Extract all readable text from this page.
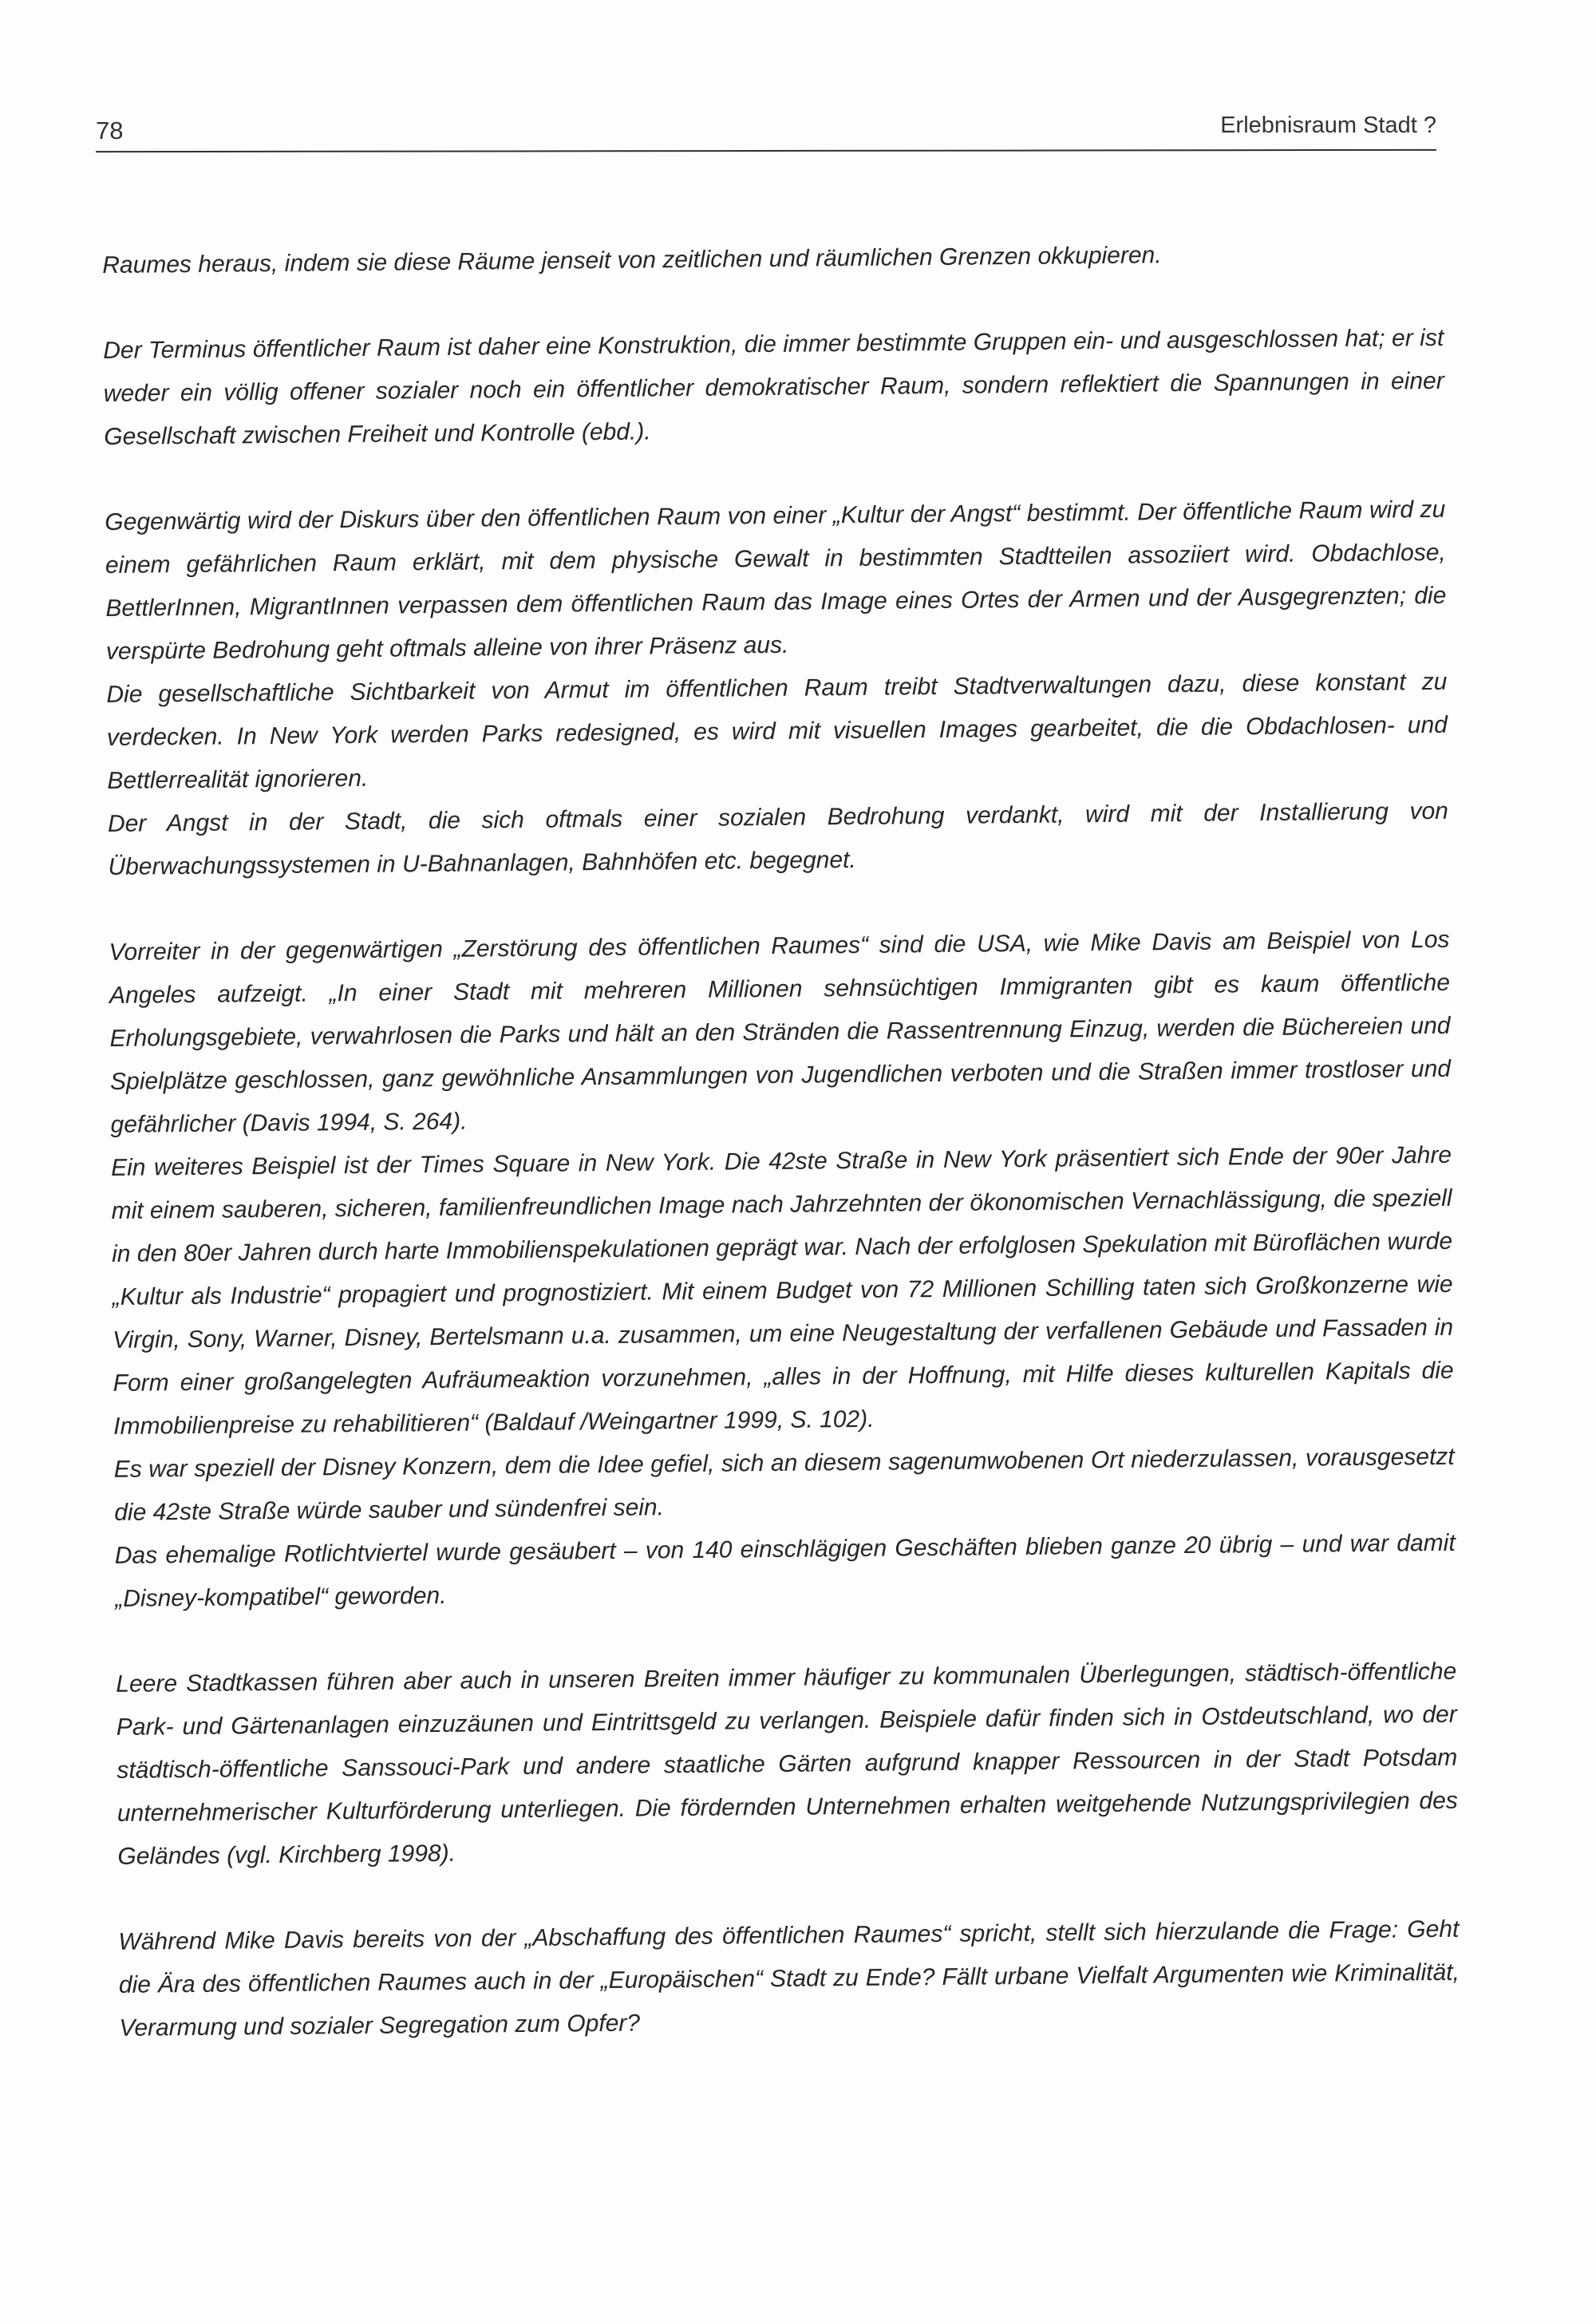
78	Erlebnisraum Stadt ?

Raumes heraus, indem sie diese Räume jenseit von zeitlichen und räumlichen Grenzen okkupieren.

Der Terminus öffentlicher Raum ist daher eine Konstruktion, die immer bestimmte Gruppen ein- und ausgeschlossen hat; er ist weder ein völlig offener sozialer noch ein öffentlicher demokratischer Raum, sondern reflektiert die Spannungen in einer Gesellschaft zwischen Freiheit und Kontrolle (ebd.).

Gegenwärtig wird der Diskurs über den öffentlichen Raum von einer „Kultur der Angst“ bestimmt. Der öffentliche Raum wird zu einem gefährlichen Raum erklärt, mit dem physische Gewalt in bestimmten Stadtteilen assoziiert wird. Obdachlose, BettlerInnen, MigrantInnen verpassen dem öffentlichen Raum das Image eines Ortes der Armen und der Ausgegrenzten; die verspürte Bedrohung geht oftmals alleine von ihrer Präsenz aus.

Die gesellschaftliche Sichtbarkeit von Armut im öffentlichen Raum treibt Stadtverwaltungen dazu, diese konstant zu verdecken. In New York werden Parks redesigned, es wird mit visuellen Images gearbeitet, die die Obdachlosen- und Bettlerrealität ignorieren.

Der Angst in der Stadt, die sich oftmals einer sozialen Bedrohung verdankt, wird mit der Installierung von Überwachungssystemen in U-Bahnanlagen, Bahnhöfen etc. begegnet.

Vorreiter in der gegenwärtigen „Zerstörung des öffentlichen Raumes“ sind die USA, wie Mike Davis am Beispiel von Los Angeles aufzeigt. „In einer Stadt mit mehreren Millionen sehnsüchtigen Immigranten gibt es kaum öffentliche Erholungsgebiete, verwahrlosen die Parks und hält an den Stränden die Rassentrennung Einzug, werden die Büchereien und Spielplätze geschlossen, ganz gewöhnliche Ansammlungen von Jugendlichen verboten und die Straßen immer trostloser und gefährlicher (Davis 1994, S. 264).

Ein weiteres Beispiel ist der Times Square in New York. Die 42ste Straße in New York präsentiert sich Ende der 90er Jahre mit einem sauberen, sicheren, familienfreundlichen Image nach Jahrzehnten der ökonomischen Vernachlässigung, die speziell in den 80er Jahren durch harte Immobilienspekulationen geprägt war. Nach der erfolglosen Spekulation mit Büroflächen wurde „Kultur als Industrie“ propagiert und prognostiziert. Mit einem Budget von 72 Millionen Schilling taten sich Großkonzerne wie Virgin, Sony, Warner, Disney, Bertelsmann u.a. zusammen, um eine Neugestaltung der verfallenen Gebäude und Fassaden in Form einer großangelegten Aufräumeaktion vorzunehmen, „alles in der Hoffnung, mit Hilfe dieses kulturellen Kapitals die Immobilienpreise zu rehabilitieren“ (Baldauf /Weingartner 1999, S. 102).

Es war speziell der Disney Konzern, dem die Idee gefiel, sich an diesem sagenumwobenen Ort niederzulassen, vorausgesetzt die 42ste Straße würde sauber und sündenfrei sein.

Das ehemalige Rotlichtviertel wurde gesäubert – von 140 einschlägigen Geschäften blieben ganze 20 übrig – und war damit „Disney-kompatibel“ geworden.

Leere Stadtkassen führen aber auch in unseren Breiten immer häufiger zu kommunalen Überlegungen, städtisch-öffentliche Park- und Gärtenanlagen einzuzäunen und Eintrittsgeld zu verlangen. Beispiele dafür finden sich in Ostdeutschland, wo der städtisch-öffentliche Sanssouci-Park und andere staatliche Gärten aufgrund knapper Ressourcen in der Stadt Potsdam unternehmerischer Kulturförderung unterliegen. Die fördernden Unternehmen erhalten weitgehende Nutzungsprivilegien des Geländes (vgl. Kirchberg 1998).

Während Mike Davis bereits von der „Abschaffung des öffentlichen Raumes“ spricht, stellt sich hierzulande die Frage: Geht die Ära des öffentlichen Raumes auch in der „Europäischen“ Stadt zu Ende? Fällt urbane Vielfalt Argumenten wie Kriminalität, Verarmung und sozialer Segregation zum Opfer?
